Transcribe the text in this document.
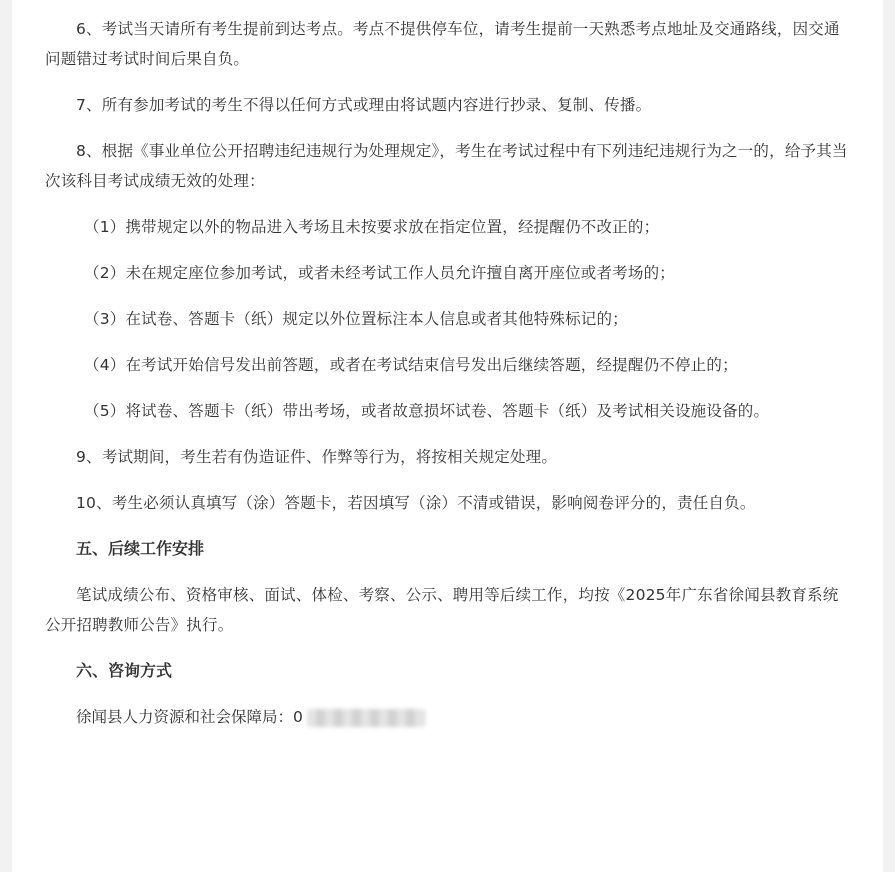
6、考试当天请所有考生提前到达考点。考点不提供停车位，请考生提前一天熟悉考点地址及交通路线，因交通问题错过考试时间后果自负。

7、所有参加考试的考生不得以任何方式或理由将试题内容进行抄录、复制、传播。

8、根据《事业单位公开招聘违纪违规行为处理规定》，考生在考试过程中有下列违纪违规行为之一的，给予其当次该科目考试成绩无效的处理：

（1）携带规定以外的物品进入考场且未按要求放在指定位置，经提醒仍不改正的；

（2）未在规定座位参加考试，或者未经考试工作人员允许擅自离开座位或者考场的；

（3）在试卷、答题卡（纸）规定以外位置标注本人信息或者其他特殊标记的；

（4）在考试开始信号发出前答题，或者在考试结束信号发出后继续答题，经提醒仍不停止的；

（5）将试卷、答题卡（纸）带出考场，或者故意损坏试卷、答题卡（纸）及考试相关设施设备的。

9、考试期间，考生若有伪造证件、作弊等行为，将按相关规定处理。

10、考生必须认真填写（涂）答题卡，若因填写（涂）不清或错误，影响阅卷评分的，责任自负。

五、后续工作安排

笔试成绩公布、资格审核、面试、体检、考察、公示、聘用等后续工作，均按《2025年广东省徐闻县教育系统公开招聘教师公告》执行。

六、咨询方式
徐闻县人力资源和社会保障局：0
